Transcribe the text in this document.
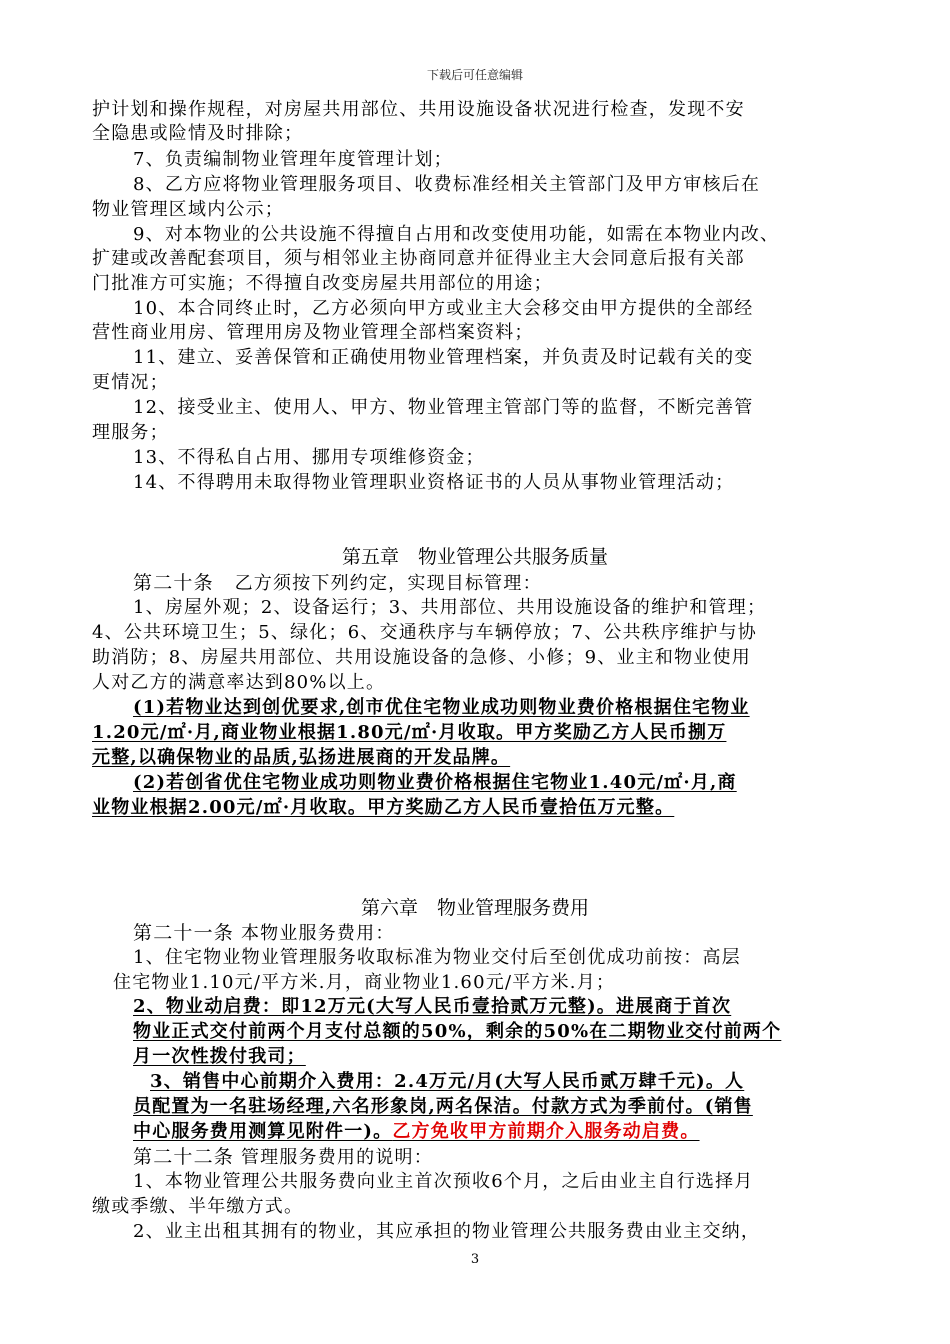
下载后可任意编辑
护计划和操作规程，对房屋共用部位、共用设施设备状况进行检查，发现不安
全隐患或险情及时排除；
7、负责编制物业管理年度管理计划；
8、乙方应将物业管理服务项目、收费标准经相关主管部门及甲方审核后在
物业管理区域内公示；
9、对本物业的公共设施不得擅自占用和改变使用功能，如需在本物业内改、
扩建或改善配套项目，须与相邻业主协商同意并征得业主大会同意后报有关部
门批准方可实施；不得擅自改变房屋共用部位的用途；
10、本合同终止时，乙方必须向甲方或业主大会移交由甲方提供的全部经
营性商业用房、管理用房及物业管理全部档案资料；
11、建立、妥善保管和正确使用物业管理档案，并负责及时记载有关的变
更情况；
12、接受业主、使用人、甲方、物业管理主管部门等的监督，不断完善管
理服务；
13、不得私自占用、挪用专项维修资金；
14、不得聘用未取得物业管理职业资格证书的人员从事物业管理活动；
第五章　物业管理公共服务质量
第二十条 乙方须按下列约定，实现目标管理：
1、房屋外观；2、设备运行；3、共用部位、共用设施设备的维护和管理；
4、公共环境卫生；5、绿化；6、交通秩序与车辆停放；7、公共秩序维护与协
助消防；8、房屋共用部位、共用设施设备的急修、小修；9、业主和物业使用
人对乙方的满意率达到80%以上。
(1)若物业达到创优要求,创市优住宅物业成功则物业费价格根据住宅物业
1.20元/㎡·月,商业物业根据1.80元/㎡·月收取。甲方奖励乙方人民币捌万
元整,以确保物业的品质,弘扬进展商的开发品牌。
(2)若创省优住宅物业成功则物业费价格根据住宅物业1.40元/㎡·月,商
业物业根据2.00元/㎡·月收取。甲方奖励乙方人民币壹拾伍万元整。
第六章　物业管理服务费用
第二十一条 本物业服务费用：
1、住宅物业物业管理服务收取标准为物业交付后至创优成功前按：高层
住宅物业1.10元/平方米.月，商业物业1.60元/平方米.月；
2、物业动启费：即12万元(大写人民币壹拾贰万元整)。进展商于首次
物业正式交付前两个月支付总额的50%，剩余的50%在二期物业交付前两个
月一次性拨付我司；
3、销售中心前期介入费用：2.4万元/月(大写人民币贰万肆千元)。人
员配置为一名驻场经理,六名形象岗,两名保洁。付款方式为季前付。(销售
中心服务费用测算见附件一)。乙方免收甲方前期介入服务动启费。
第二十二条 管理服务费用的说明：
1、本物业管理公共服务费向业主首次预收6个月，之后由业主自行选择月
缴或季缴、半年缴方式。
2、业主出租其拥有的物业，其应承担的物业管理公共服务费由业主交纳，
3
